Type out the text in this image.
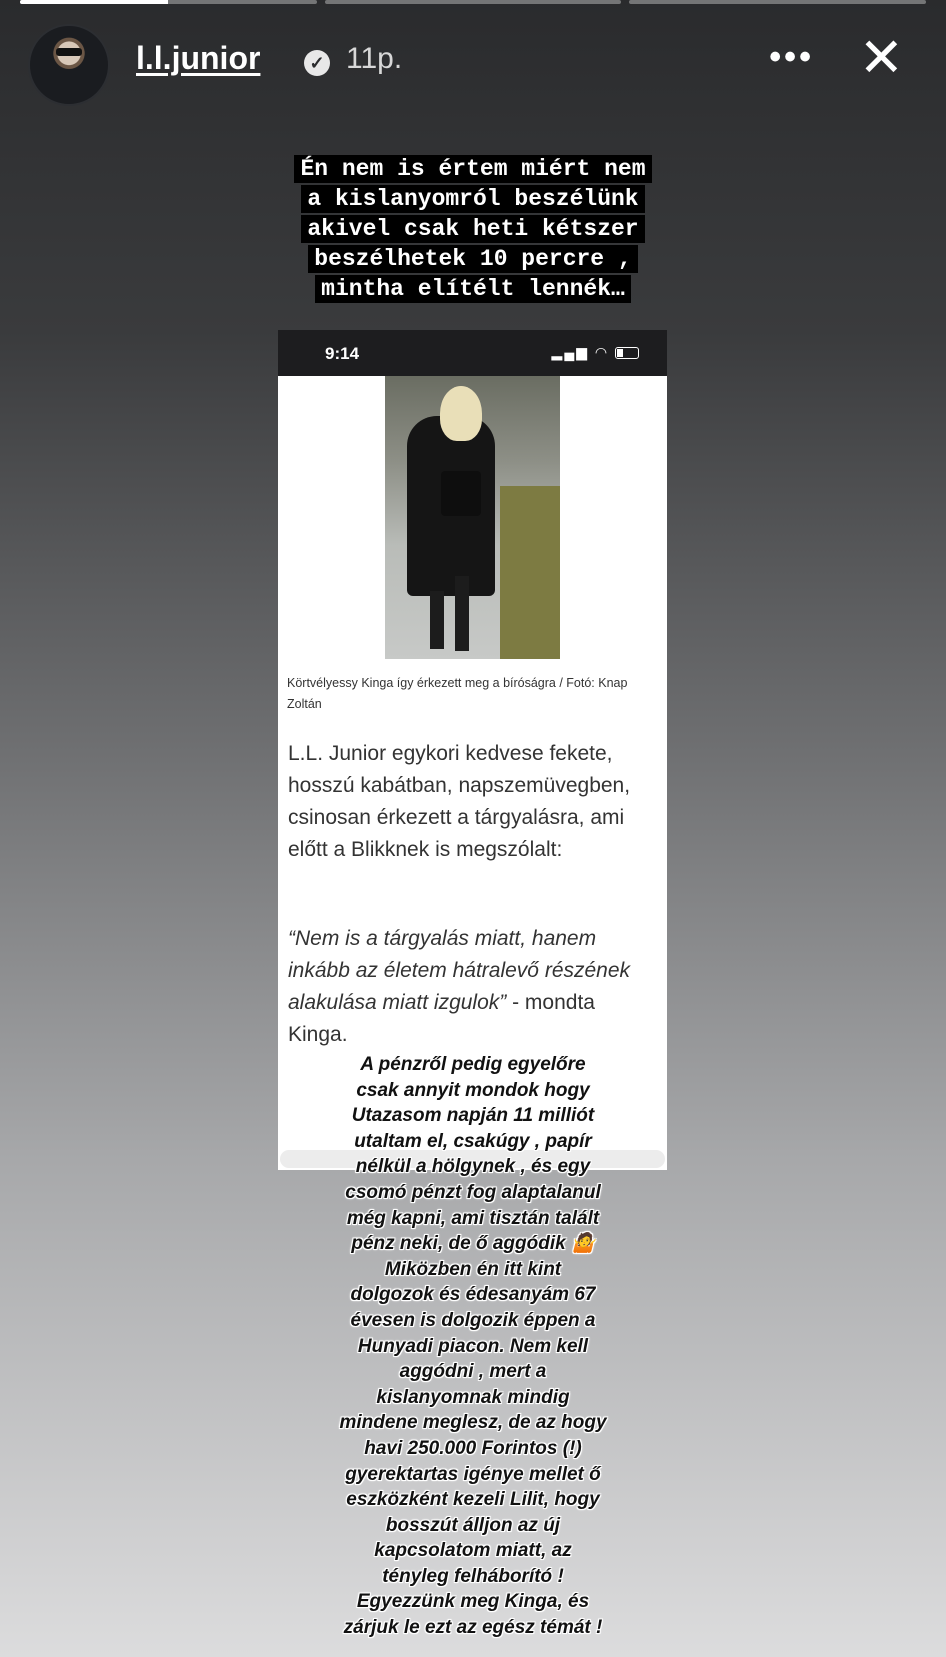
l.l.junior	✓ 11p.	••• ✕
Én nem is értem miért nem
a kislanyomról beszélünk
akivel csak heti kétszer
beszélhetek 10 percre ,
mintha elítélt lennék…
9:14	▂▄▆ ◠
Körtvélyessy Kinga így érkezett meg a bíróságra / Fotó: Knap Zoltán
L.L. Junior egykori kedvese fekete, hosszú kabátban, napszemüvegben, csinosan érkezett a tárgyalásra, ami előtt a Blikknek is megszólalt:
“Nem is a tárgyalás miatt, hanem inkább az életem hátralevő részének alakulása miatt izgulok” - mondta Kinga.
A pénzről pedig egyelőre
csak annyit mondok hogy
Utazasom napján 11 milliót
utaltam el, csakúgy , papír
nélkül a hölgynek , és egy
csomó pénzt fog alaptalanul
még kapni, ami tisztán talált
pénz neki, de ő aggódik 🤷
Miközben én itt kint
dolgozok és édesanyám 67
évesen is dolgozik éppen a
Hunyadi piacon. Nem kell
aggódni , mert a
kislanyomnak mindig
mindene meglesz, de az hogy
havi 250.000 Forintos (!)
gyerektartas igénye mellet ő
eszközként kezeli Lilit, hogy
bosszút álljon az új
kapcsolatom miatt, az
tényleg felháborító !
Egyezzünk meg Kinga, és
zárjuk le ezt az egész témát !
